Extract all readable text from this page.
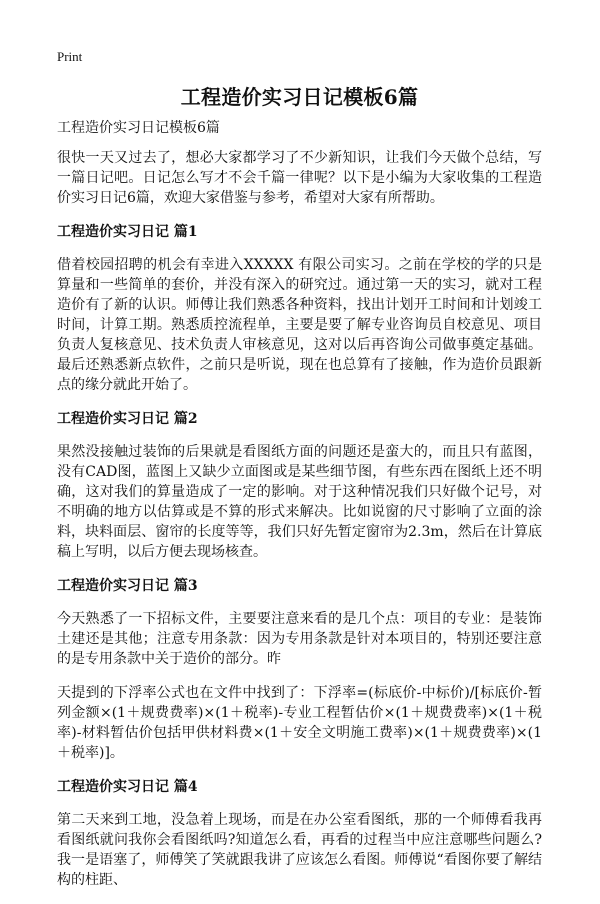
Print
工程造价实习日记模板6篇
工程造价实习日记模板6篇

很快一天又过去了，想必大家都学习了不少新知识，让我们今天做个总结，写一篇日记吧。日记怎么写才不会千篇一律呢？以下是小编为大家收集的工程造价实习日记6篇，欢迎大家借鉴与参考，希望对大家有所帮助。

工程造价实习日记 篇1

借着校园招聘的机会有幸进入XXXXX 有限公司实习。之前在学校的学的只是算量和一些简单的套价，并没有深入的研究过。通过第一天的实习，就对工程造价有了新的认识。师傅让我们熟悉各种资料，找出计划开工时间和计划竣工时间，计算工期。熟悉质控流程单，主要是要了解专业咨询员自校意见、项目负责人复核意见、技术负责人审核意见，这对以后再咨询公司做事奠定基础。最后还熟悉新点软件，之前只是听说，现在也总算有了接触，作为造价员跟新点的缘分就此开始了。

工程造价实习日记 篇2

果然没接触过装饰的后果就是看图纸方面的问题还是蛮大的，而且只有蓝图，没有CAD图，蓝图上又缺少立面图或是某些细节图，有些东西在图纸上还不明确，这对我们的算量造成了一定的影响。对于这种情况我们只好做个记号，对不明确的地方以估算或是不算的形式来解决。比如说窗的尺寸影响了立面的涂料，块料面层、窗帘的长度等等，我们只好先暂定窗帘为2.3m，然后在计算底稿上写明，以后方便去现场核查。

工程造价实习日记 篇3

今天熟悉了一下招标文件，主要要注意来看的是几个点：项目的专业：是装饰土建还是其他；注意专用条款：因为专用条款是针对本项目的，特别还要注意的是专用条款中关于造价的部分。昨

天提到的下浮率公式也在文件中找到了：下浮率=(标底价-中标价)/[标底价-暂列金额×(1＋规费费率)×(1＋税率)-专业工程暂估价×(1＋规费费率)×(1＋税率)-材料暂估价包括甲供材料费×(1＋安全文明施工费率)×(1＋规费费率)×(1＋税率)]。

工程造价实习日记 篇4

第二天来到工地，没急着上现场，而是在办公室看图纸，那的一个师傅看我再看图纸就问我你会看图纸吗?知道怎么看，再看的过程当中应注意哪些问题么?我一是语塞了，师傅笑了笑就跟我讲了应该怎么看图。师傅说“看图你要了解结构的柱距、
